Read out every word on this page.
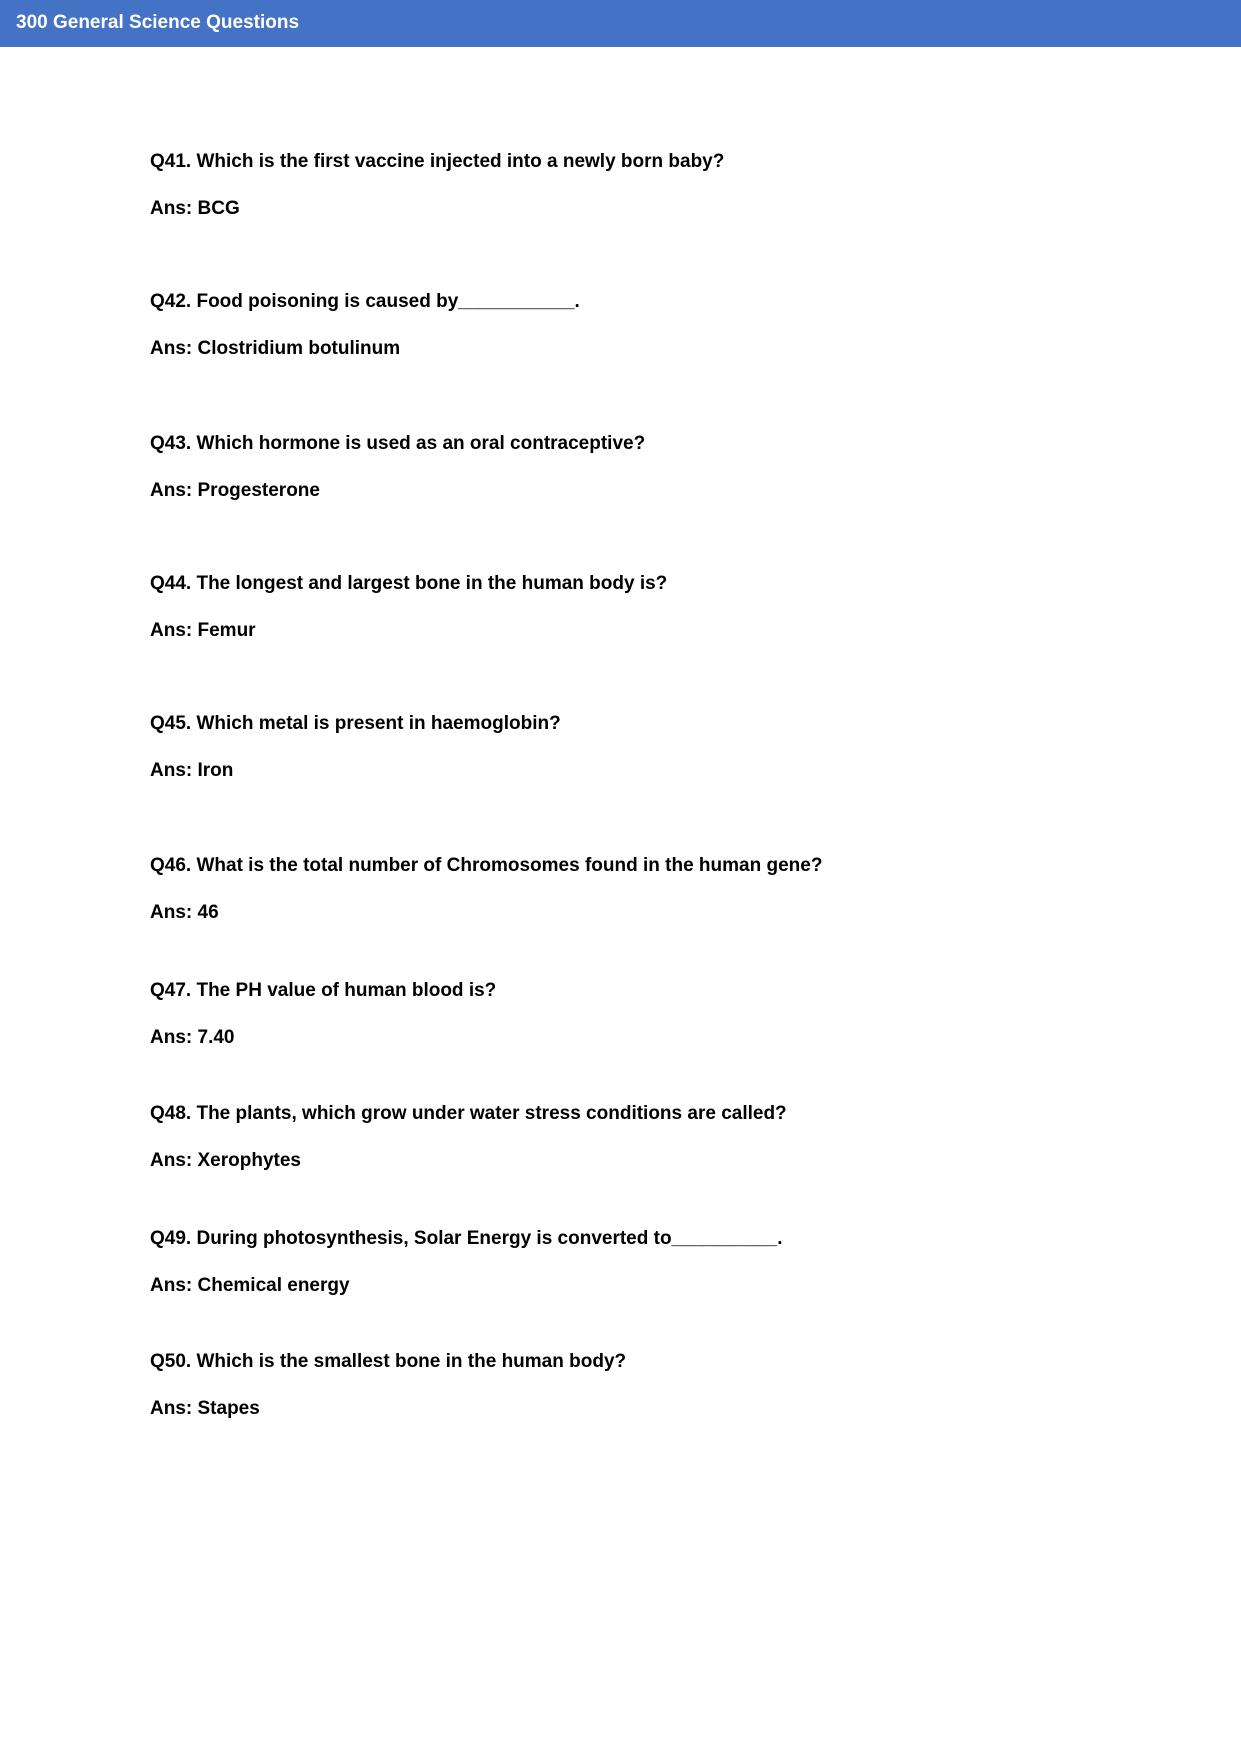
300 General Science Questions
Q41. Which is the first vaccine injected into a newly born baby?
Ans: BCG
Q42. Food poisoning is caused by___________.
Ans: Clostridium botulinum
Q43. Which hormone is used as an oral contraceptive?
Ans: Progesterone
Q44. The longest and largest bone in the human body is?
Ans: Femur
Q45. Which metal is present in haemoglobin?
Ans: Iron
Q46. What is the total number of Chromosomes found in the human gene?
Ans: 46
Q47. The PH value of human blood is?
Ans: 7.40
Q48. The plants, which grow under water stress conditions are called?
Ans: Xerophytes
Q49. During photosynthesis, Solar Energy is converted to__________.
Ans: Chemical energy
Q50. Which is the smallest bone in the human body?
Ans: Stapes
